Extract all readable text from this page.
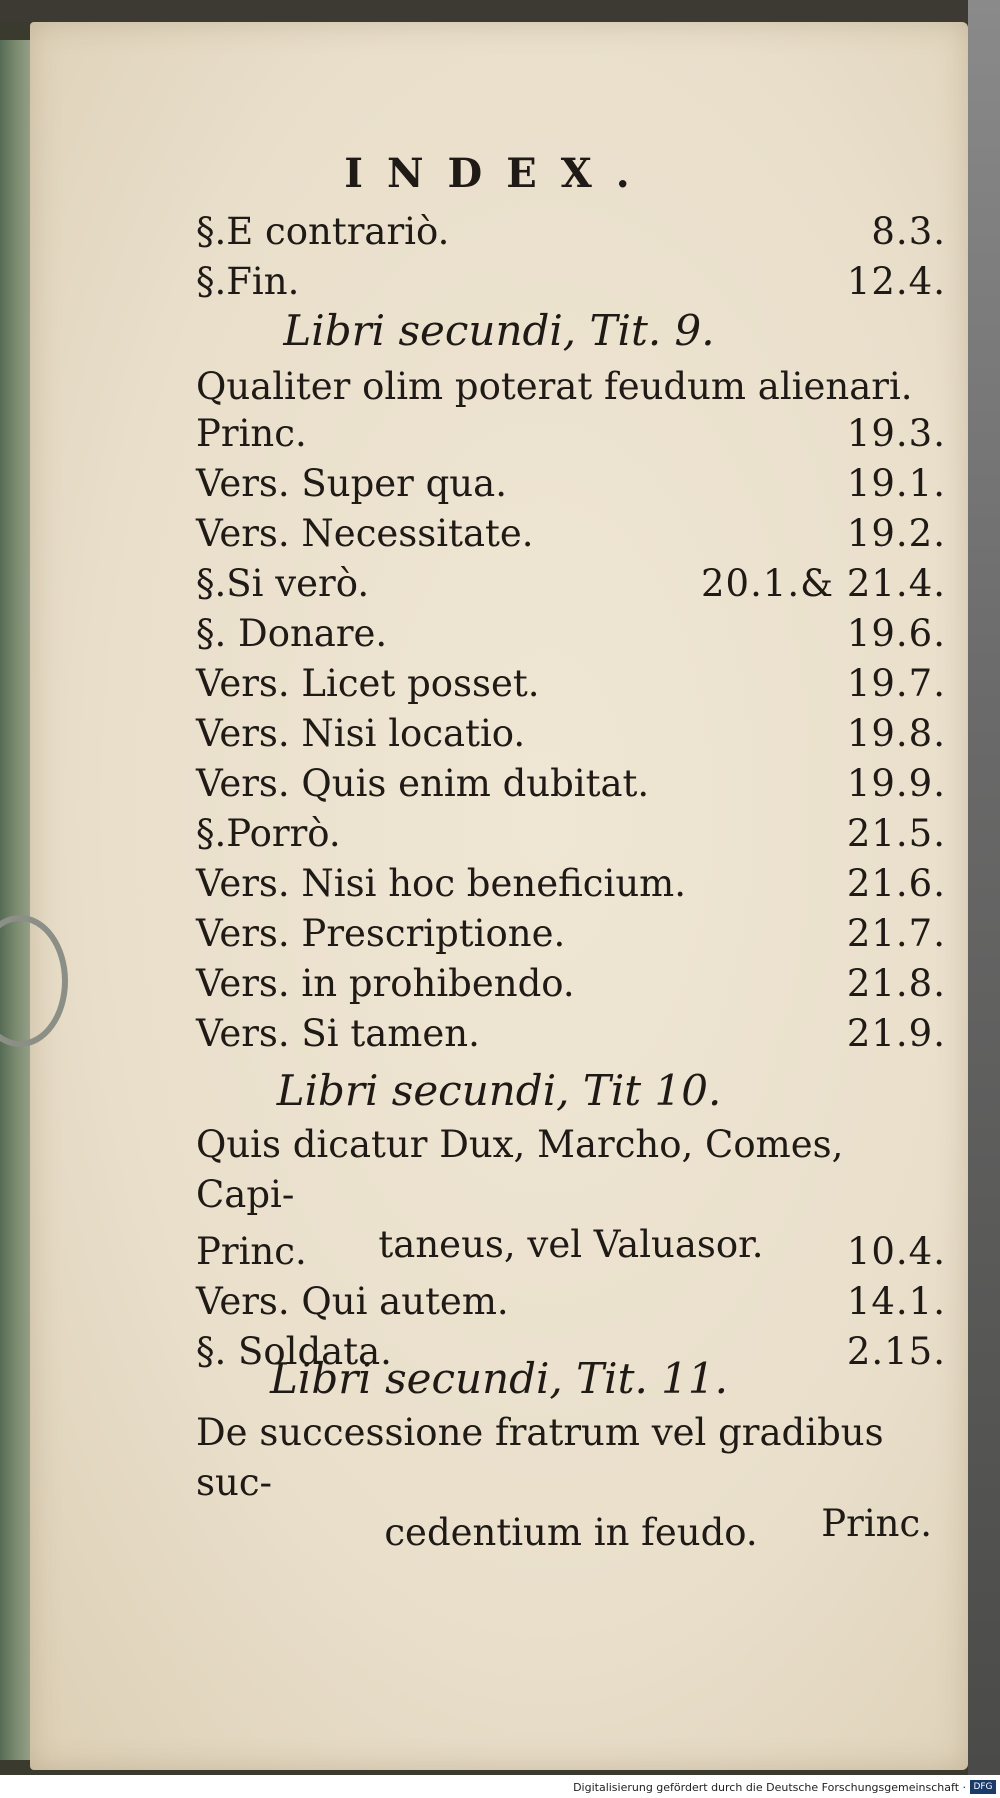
INDEX.
§.E contrariò.	8.3.
§.Fin.	12.4.
Libri secundi, Tit. 9.
Qualiter olim poterat feudum alienari.
Princ.	19.3.
Vers. Super qua.	19.1.
Vers. Necessitate.	19.2.
§.Si verò.	20.1.& 21.4.
§. Donare.	19.6.
Vers. Licet posset.	19.7.
Vers. Nisi locatio.	19.8.
Vers. Quis enim dubitat.	19.9.
§.Porrò.	21.5.
Vers. Nisi hoc beneficium.	21.6.
Vers. Prescriptione.	21.7.
Vers. in prohibendo.	21.8.
Vers. Si tamen.	21.9.
Libri secundi, Tit 10.
Quis dicatur Dux, Marcho, Comes, Capi-
taneus, vel Valuasor.
Princ.	10.4.
Vers. Qui autem.	14.1.
§. Soldata.	2.15.
Libri secundi, Tit. 11.
De successione fratrum vel gradibus suc-
cedentium in feudo.	Princ.
Digitalisierung gefördert durch die Deutsche Forschungsgemeinschaft · DFG
